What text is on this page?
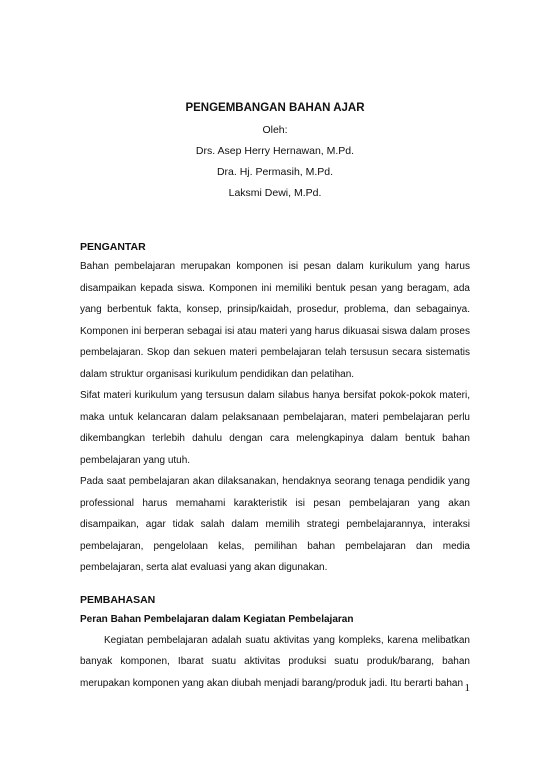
PENGEMBANGAN BAHAN AJAR

Oleh:

Drs. Asep Herry Hernawan, M.Pd.

Dra. Hj. Permasih, M.Pd.

Laksmi Dewi, M.Pd.

PENGANTAR

Bahan pembelajaran merupakan komponen isi pesan dalam kurikulum yang harus disampaikan kepada siswa. Komponen ini memiliki bentuk pesan yang beragam, ada yang berbentuk fakta, konsep, prinsip/kaidah, prosedur, problema, dan sebagainya. Komponen ini berperan sebagai isi atau materi yang harus dikuasai siswa dalam proses pembelajaran. Skop dan sekuen materi pembelajaran telah tersusun secara sistematis dalam struktur organisasi kurikulum pendidikan dan pelatihan.

Sifat materi kurikulum yang tersusun dalam silabus hanya bersifat pokok-pokok materi, maka untuk kelancaran dalam pelaksanaan pembelajaran, materi pembelajaran perlu dikembangkan terlebih dahulu dengan cara melengkapinya dalam bentuk bahan pembelajaran yang utuh.

Pada saat pembelajaran akan dilaksanakan, hendaknya seorang tenaga pendidik yang professional harus memahami karakteristik isi pesan pembelajaran yang akan disampaikan, agar tidak salah dalam memilih strategi pembelajarannya, interaksi pembelajaran, pengelolaan kelas, pemilihan bahan pembelajaran dan media pembelajaran, serta alat evaluasi yang akan digunakan.

PEMBAHASAN

Peran Bahan Pembelajaran dalam Kegiatan Pembelajaran

Kegiatan pembelajaran adalah suatu aktivitas yang kompleks, karena melibatkan banyak komponen, Ibarat suatu aktivitas produksi suatu produk/barang, bahan merupakan komponen yang akan diubah menjadi barang/produk jadi. Itu berarti bahan 1
